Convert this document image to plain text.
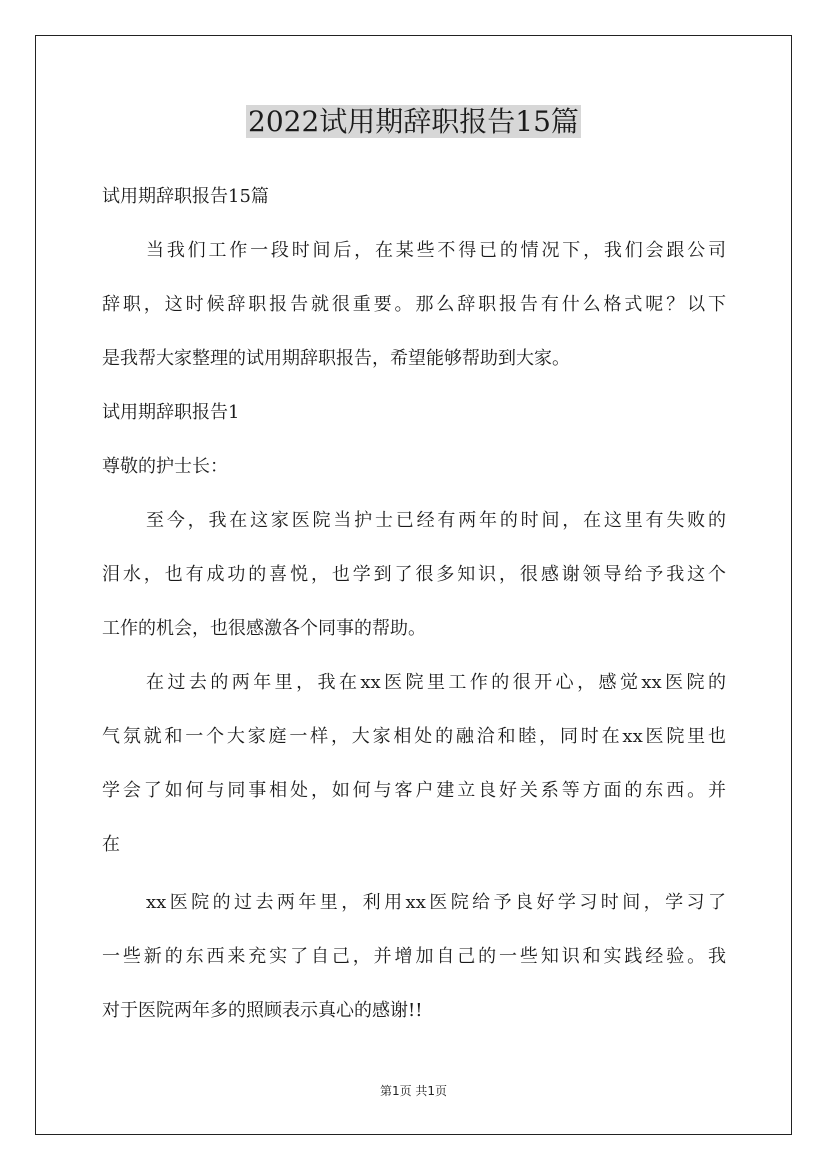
2022试用期辞职报告15篇
试用期辞职报告15篇
当我们工作一段时间后，在某些不得已的情况下，我们会跟公司
辞职，这时候辞职报告就很重要。那么辞职报告有什么格式呢？以下
是我帮大家整理的试用期辞职报告，希望能够帮助到大家。
试用期辞职报告1
尊敬的护士长：
至今，我在这家医院当护士已经有两年的时间，在这里有失败的
泪水，也有成功的喜悦，也学到了很多知识，很感谢领导给予我这个
工作的机会，也很感激各个同事的帮助。
在过去的两年里，我在xx医院里工作的很开心，感觉xx医院的
气氛就和一个大家庭一样，大家相处的融洽和睦，同时在xx医院里也
学会了如何与同事相处，如何与客户建立良好关系等方面的东西。并
在
xx医院的过去两年里，利用xx医院给予良好学习时间，学习了
一些新的东西来充实了自己，并增加自己的一些知识和实践经验。我
对于医院两年多的照顾表示真心的感谢!!
第1页 共1页
